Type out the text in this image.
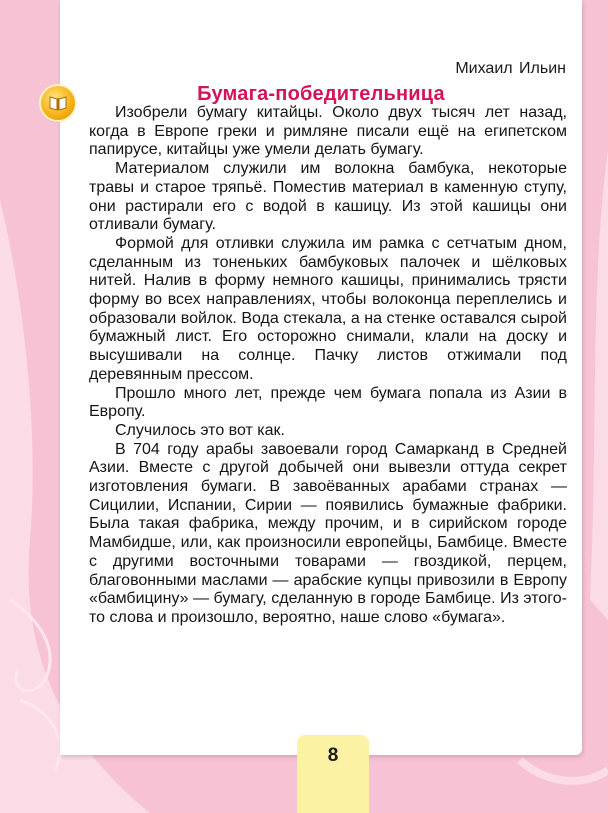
Михаил Ильин
Бумага-победительница

Изобрели бумагу китайцы. Около двух тысяч лет назад, когда в Европе греки и римляне писали ещё на египетском папирусе, китайцы уже умели делать бумагу.

Материалом служили им волокна бамбука, некоторые травы и старое тряпьё. Поместив материал в каменную ступу, они растирали его с водой в кашицу. Из этой кашицы они отливали бумагу.

Формой для отливки служила им рамка с сетчатым дном, сделанным из тоненьких бамбуковых палочек и шёлковых нитей. Налив в форму немного кашицы, принимались трясти форму во всех направлениях, чтобы волоконца переплелись и образовали войлок. Вода стекала, а на стенке оставался сырой бумажный лист. Его осторожно снимали, клали на доску и высушивали на солнце. Пачку листов отжимали под деревянным прессом.

Прошло много лет, прежде чем бумага попала из Азии в Европу.

Случилось это вот как.

В 704 году арабы завоевали город Самарканд в Средней Азии. Вместе с другой добычей они вывезли оттуда секрет изготовления бумаги. В завоёванных арабами странах — Сицилии, Испании, Сирии — появились бумажные фабрики. Была такая фабрика, между прочим, и в сирийском городе Мамбидше, или, как произносили европейцы, Бамбице. Вместе с другими восточными товарами — гвоздикой, перцем, благовонными маслами — арабские купцы привозили в Европу «бамбицину» — бумагу, сделанную в городе Бамбице. Из этого-то слова и произошло, вероятно, наше слово «бумага».

8
